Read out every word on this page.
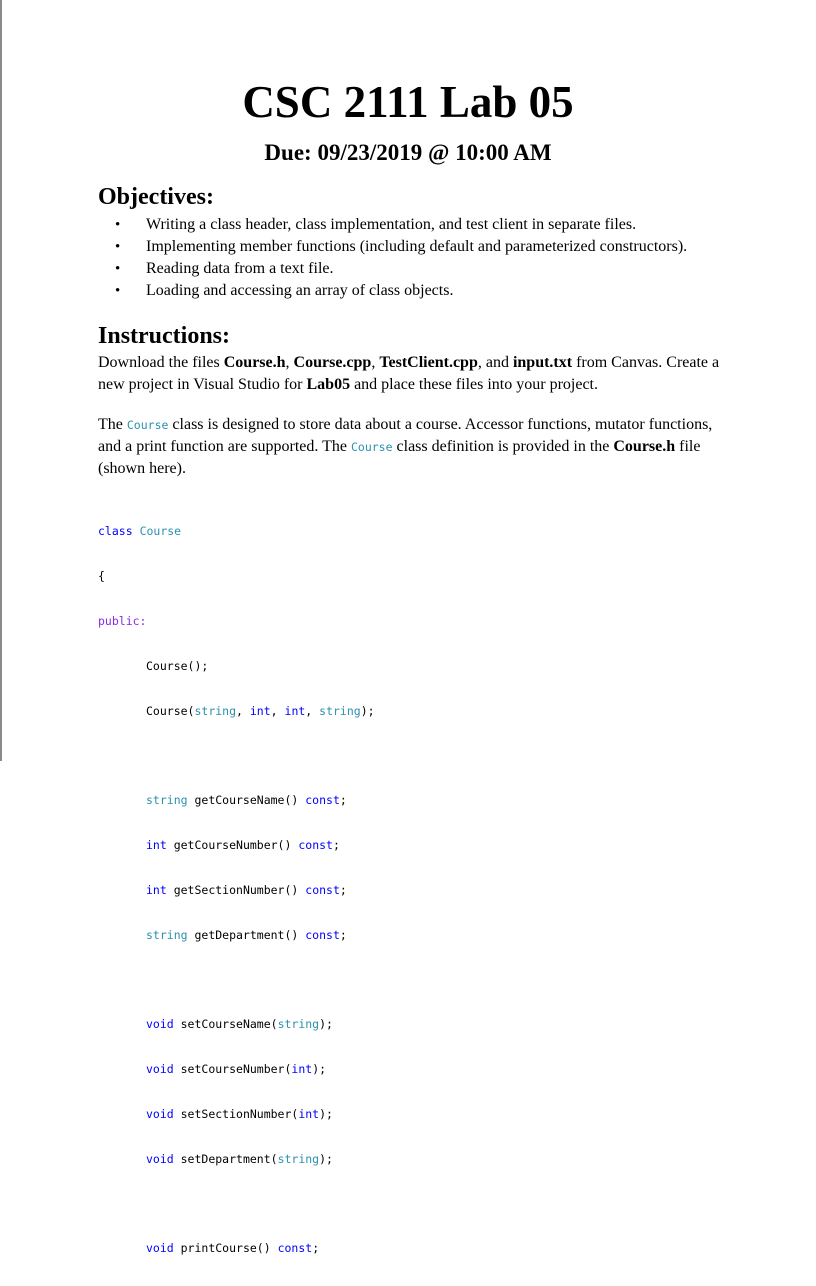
CSC 2111 Lab 05
Due: 09/23/2019 @ 10:00 AM
Objectives:
• Writing a class header, class implementation, and test client in separate files.
• Implementing member functions (including default and parameterized constructors).
• Reading data from a text file.
• Loading and accessing an array of class objects.
Instructions:
Download the files Course.h, Course.cpp, TestClient.cpp, and input.txt from Canvas. Create a new project in Visual Studio for Lab05 and place these files into your project.
The Course class is designed to store data about a course. Accessor functions, mutator functions, and a print function are supported. The Course class definition is provided in the Course.h file (shown here).

class Course

{

public:

Course();

Course(string, int, int, string);

string getCourseName() const;

int getCourseNumber() const;

int getSectionNumber() const;

string getDepartment() const;

void setCourseName(string);

void setCourseNumber(int);

void setSectionNumber(int);

void setDepartment(string);

void printCourse() const;
